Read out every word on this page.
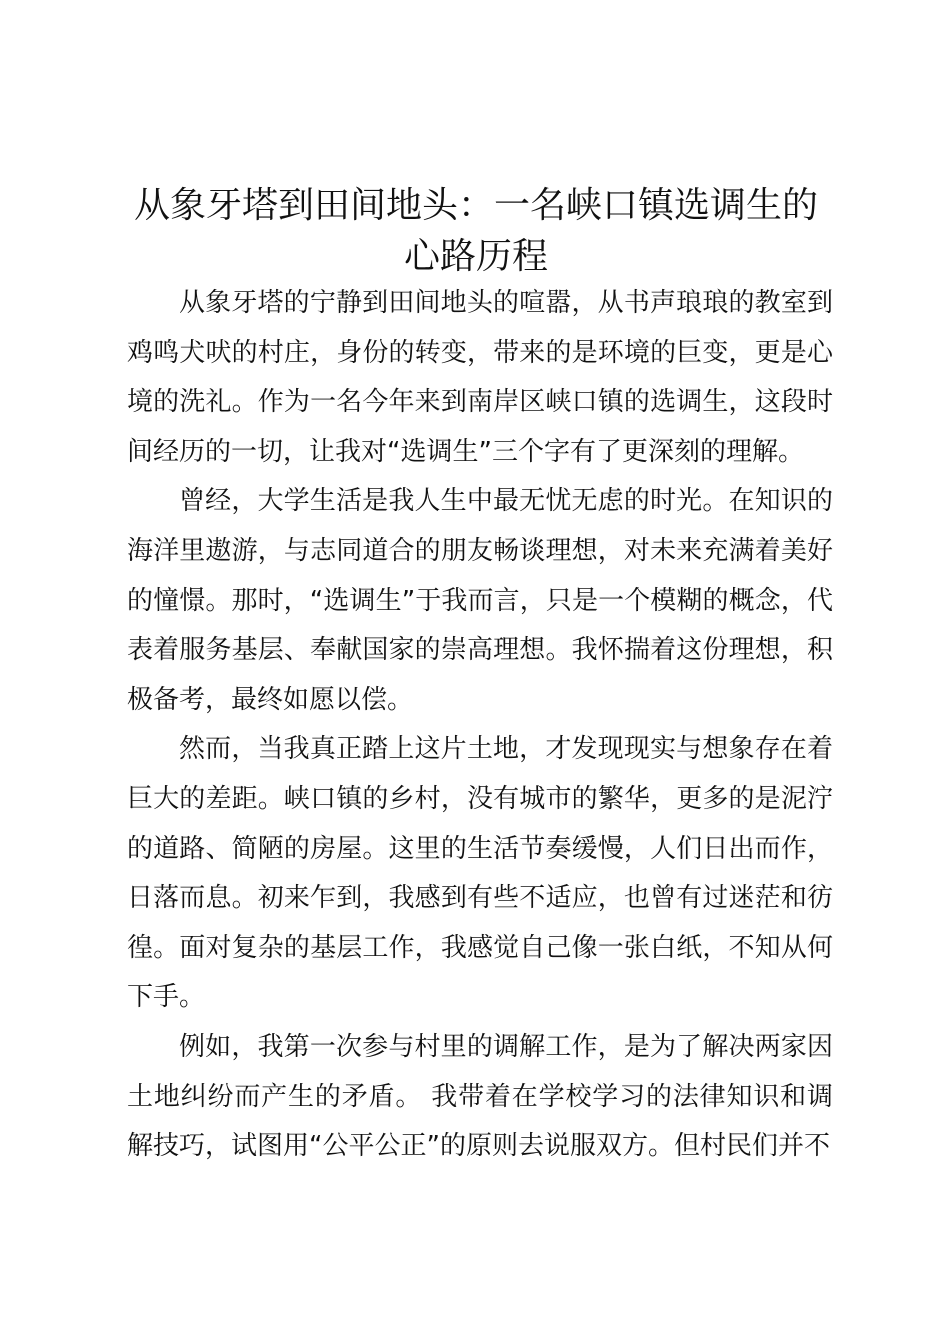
从象牙塔到田间地头：一名峡口镇选调生的心路历程

从象牙塔的宁静到田间地头的喧嚣，从书声琅琅的教室到鸡鸣犬吠的村庄，身份的转变，带来的是环境的巨变，更是心境的洗礼。作为一名今年来到南岸区峡口镇的选调生，这段时间经历的一切，让我对“选调生”三个字有了更深刻的理解。

曾经，大学生活是我人生中最无忧无虑的时光。在知识的海洋里遨游，与志同道合的朋友畅谈理想，对未来充满着美好的憧憬。那时，“选调生”于我而言，只是一个模糊的概念，代表着服务基层、奉献国家的崇高理想。我怀揣着这份理想，积极备考，最终如愿以偿。

然而，当我真正踏上这片土地，才发现现实与想象存在着巨大的差距。峡口镇的乡村，没有城市的繁华，更多的是泥泞的道路、简陋的房屋。这里的生活节奏缓慢，人们日出而作，日落而息。初来乍到，我感到有些不适应，也曾有过迷茫和彷徨。面对复杂的基层工作，我感觉自己像一张白纸，不知从何下手。

例如，我第一次参与村里的调解工作，是为了解决两家因土地纠纷而产生的矛盾。 我带着在学校学习的法律知识和调解技巧，试图用“公平公正”的原则去说服双方。但村民们并不
